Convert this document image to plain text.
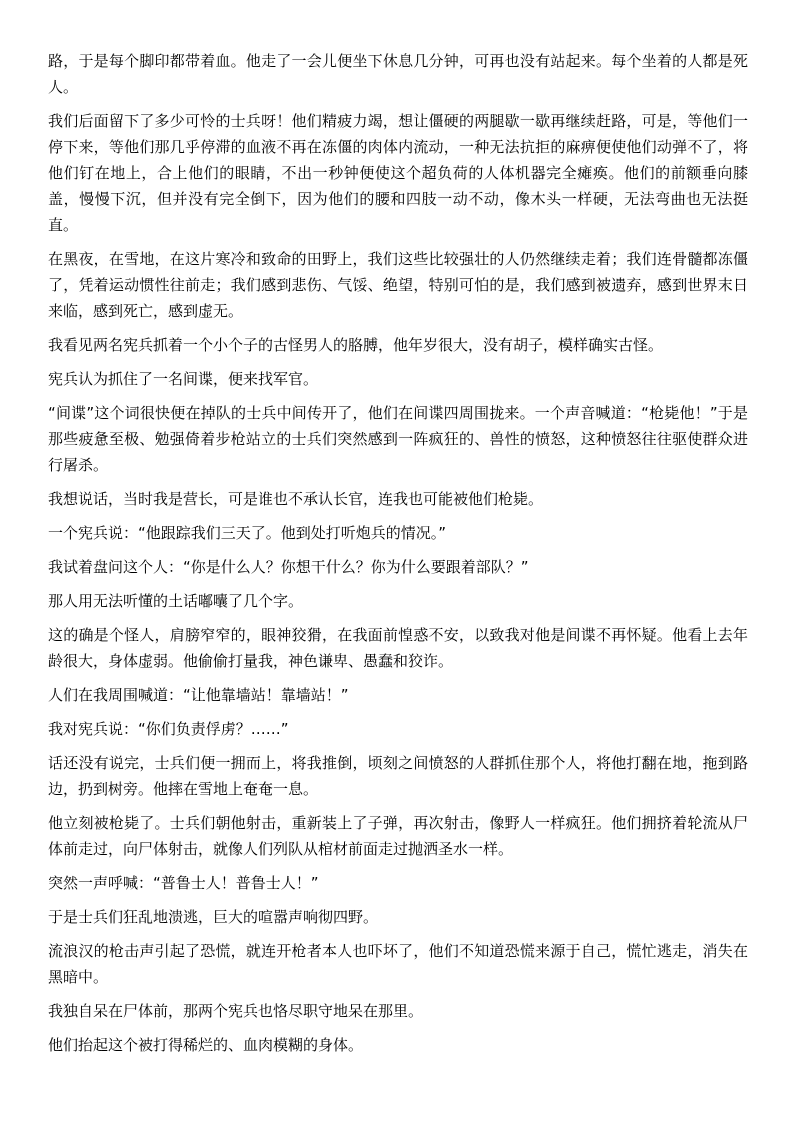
路，于是每个脚印都带着血。他走了一会儿便坐下休息几分钟，可再也没有站起来。每个坐着的人都是死人。

我们后面留下了多少可怜的士兵呀！他们精疲力竭，想让僵硬的两腿歇一歇再继续赶路，可是，等他们一停下来，等他们那几乎停滞的血液不再在冻僵的肉体内流动，一种无法抗拒的麻痹便使他们动弹不了，将他们钉在地上，合上他们的眼睛，不出一秒钟便使这个超负荷的人体机器完全瘫痪。他们的前额垂向膝盖，慢慢下沉，但并没有完全倒下，因为他们的腰和四肢一动不动，像木头一样硬，无法弯曲也无法挺直。

在黑夜，在雪地，在这片寒冷和致命的田野上，我们这些比较强壮的人仍然继续走着；我们连骨髓都冻僵了，凭着运动惯性往前走；我们感到悲伤、气馁、绝望，特别可怕的是，我们感到被遗弃，感到世界末日来临，感到死亡，感到虚无。

我看见两名宪兵抓着一个小个子的古怪男人的胳膊，他年岁很大，没有胡子，模样确实古怪。

宪兵认为抓住了一名间谍，便来找军官。

“间谍”这个词很快便在掉队的士兵中间传开了，他们在间谍四周围拢来。一个声音喊道：“枪毙他！”于是那些疲惫至极、勉强倚着步枪站立的士兵们突然感到一阵疯狂的、兽性的愤怒，这种愤怒往往驱使群众进行屠杀。

我想说话，当时我是营长，可是谁也不承认长官，连我也可能被他们枪毙。

一个宪兵说：“他跟踪我们三天了。他到处打听炮兵的情况。”

我试着盘问这个人：“你是什么人？你想干什么？你为什么要跟着部队？”

那人用无法听懂的土话嘟囔了几个字。

这的确是个怪人，肩膀窄窄的，眼神狡猾，在我面前惶惑不安，以致我对他是间谍不再怀疑。他看上去年龄很大，身体虚弱。他偷偷打量我，神色谦卑、愚蠢和狡诈。

人们在我周围喊道：“让他靠墙站！靠墙站！”

我对宪兵说：“你们负责俘虏？……”

话还没有说完，士兵们便一拥而上，将我推倒，顷刻之间愤怒的人群抓住那个人，将他打翻在地，拖到路边，扔到树旁。他摔在雪地上奄奄一息。

他立刻被枪毙了。士兵们朝他射击，重新装上了子弹，再次射击，像野人一样疯狂。他们拥挤着轮流从尸体前走过，向尸体射击，就像人们列队从棺材前面走过抛洒圣水一样。

突然一声呼喊：“普鲁士人！普鲁士人！”

于是士兵们狂乱地溃逃，巨大的喧嚣声响彻四野。

流浪汉的枪击声引起了恐慌，就连开枪者本人也吓坏了，他们不知道恐慌来源于自己，慌忙逃走，消失在黑暗中。

我独自呆在尸体前，那两个宪兵也恪尽职守地呆在那里。

他们抬起这个被打得稀烂的、血肉模糊的身体。
